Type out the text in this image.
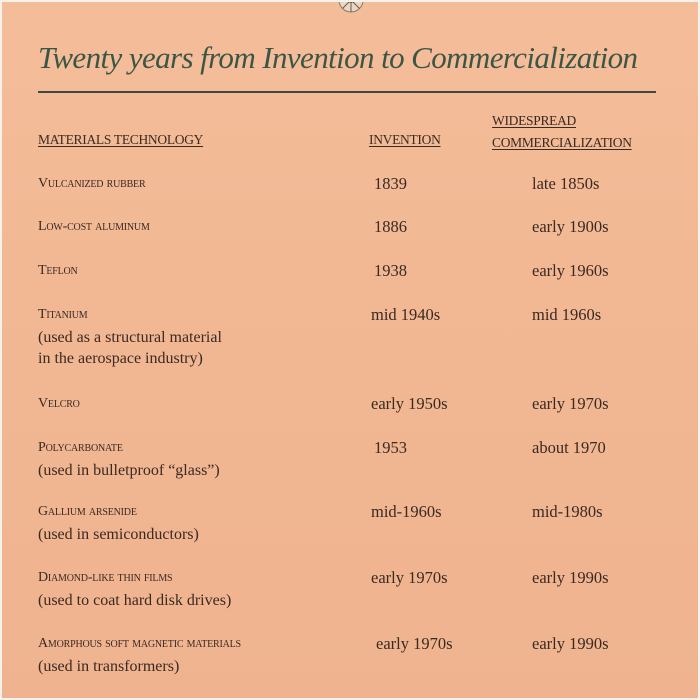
Twenty years from Invention to Commercialization
MATERIALS TECHNOLOGY	INVENTION
WIDESPREAD
COMMERCIALIZATION
Vulcanized rubber	1839	late 1850s
Low-cost aluminum	1886	early 1900s
Teflon	1938	early 1960s
Titanium
(used as a structural material
in the aerospace industry)
mid 1940s	mid 1960s
Velcro	early 1950s	early 1970s
Polycarbonate
(used in bulletproof “glass”)
1953	about 1970
Gallium arsenide
(used in semiconductors)
mid-1960s	mid-1980s
Diamond-like thin films
(used to coat hard disk drives)
early 1970s	early 1990s
Amorphous soft magnetic materials
(used in transformers)
early 1970s	early 1990s
